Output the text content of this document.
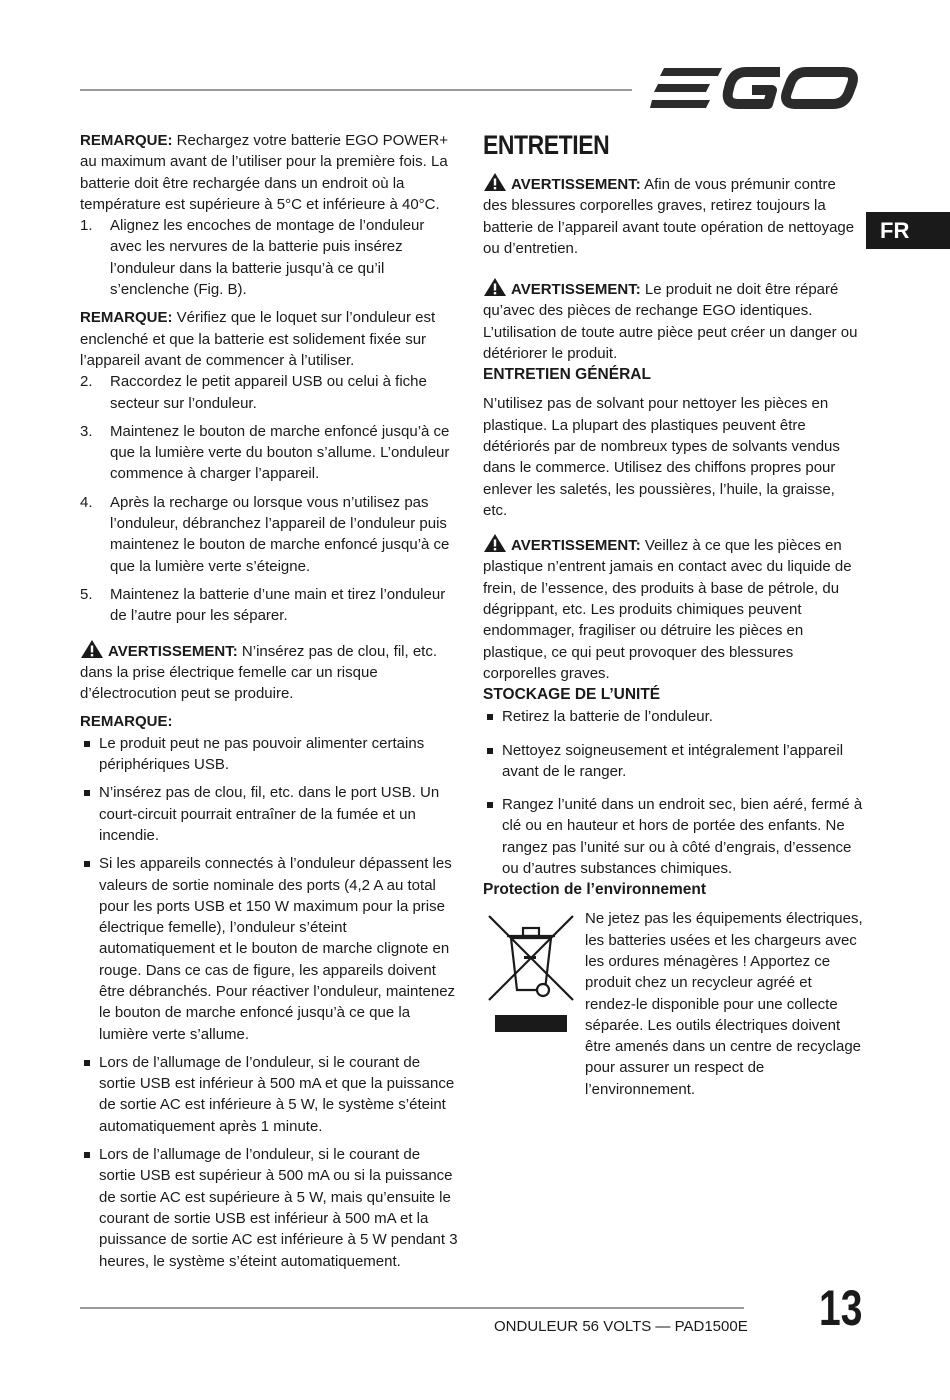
FR

REMARQUE: Rechargez votre batterie EGO POWER+ au maximum avant de l’utiliser pour la première fois. La batterie doit être rechargée dans un endroit où la température est supérieure à 5°C et inférieure à 40°C.

1. Alignez les encoches de montage de l’onduleur avec les nervures de la batterie puis insérez l’onduleur dans la batterie jusqu’à ce qu’il s’enclenche (Fig. B).

REMARQUE: Vérifiez que le loquet sur l’onduleur est enclenché et que la batterie est solidement fixée sur l’appareil avant de commencer à l’utiliser.

2. Raccordez le petit appareil USB ou celui à fiche secteur sur l’onduleur.
3. Maintenez le bouton de marche enfoncé jusqu’à ce que la lumière verte du bouton s’allume. L’onduleur commence à charger l’appareil.
4. Après la recharge ou lorsque vous n’utilisez pas l’onduleur, débranchez l’appareil de l’onduleur puis maintenez le bouton de marche enfoncé jusqu’à ce que la lumière verte s’éteigne.
5. Maintenez la batterie d’une main et tirez l’onduleur de l’autre pour les séparer.

AVERTISSEMENT: N’insérez pas de clou, fil, etc. dans la prise électrique femelle car un risque d’électrocution peut se produire.

REMARQUE:

Le produit peut ne pas pouvoir alimenter certains périphériques USB.
N’insérez pas de clou, fil, etc. dans le port USB. Un court-circuit pourrait entraîner de la fumée et un incendie.
Si les appareils connectés à l’onduleur dépassent les valeurs de sortie nominale des ports (4,2 A au total pour les ports USB et 150 W maximum pour la prise électrique femelle), l’onduleur s’éteint automatiquement et le bouton de marche clignote en rouge. Dans ce cas de figure, les appareils doivent être débranchés. Pour réactiver l’onduleur, maintenez le bouton de marche enfoncé jusqu’à ce que la lumière verte s’allume.
Lors de l’allumage de l’onduleur, si le courant de sortie USB est inférieur à 500 mA et que la puissance de sortie AC est inférieure à 5 W, le système s’éteint automatiquement après 1 minute.
Lors de l’allumage de l’onduleur, si le courant de sortie USB est supérieur à 500 mA ou si la puissance de sortie AC est supérieure à 5 W, mais qu’ensuite le courant de sortie USB est inférieur à 500 mA et la puissance de sortie AC est inférieure à 5 W pendant 3 heures, le système s’éteint automatiquement.
ENTRETIEN

AVERTISSEMENT: Afin de vous prémunir contre des blessures corporelles graves, retirez toujours la batterie de l’appareil avant toute opération de nettoyage ou d’entretien.

AVERTISSEMENT: Le produit ne doit être réparé qu’avec des pièces de rechange EGO identiques. L’utilisation de toute autre pièce peut créer un danger ou détériorer le produit.

ENTRETIEN GÉNÉRAL

N’utilisez pas de solvant pour nettoyer les pièces en plastique. La plupart des plastiques peuvent être détériorés par de nombreux types de solvants vendus dans le commerce. Utilisez des chiffons propres pour enlever les saletés, les poussières, l’huile, la graisse, etc.

AVERTISSEMENT: Veillez à ce que les pièces en plastique n’entrent jamais en contact avec du liquide de frein, de l’essence, des produits à base de pétrole, du dégrippant, etc. Les produits chimiques peuvent endommager, fragiliser ou détruire les pièces en plastique, ce qui peut provoquer des blessures corporelles graves.

STOCKAGE DE L’UNITÉ
Retirez la batterie de l’onduleur.
Nettoyez soigneusement et intégralement l’appareil avant de le ranger.
Rangez l’unité dans un endroit sec, bien aéré, fermé à clé ou en hauteur et hors de portée des enfants. Ne rangez pas l’unité sur ou à côté d’engrais, d’essence ou d’autres substances chimiques.
Protection de l’environnement

Ne jetez pas les équipements électriques, les batteries usées et les chargeurs avec les ordures ménagères ! Apportez ce produit chez un recycleur agréé et rendez-le disponible pour une collecte séparée. Les outils électriques doivent être amenés dans un centre de recyclage pour assurer un respect de l’environnement.

ONDULEUR 56 VOLTS — PAD1500E 13
